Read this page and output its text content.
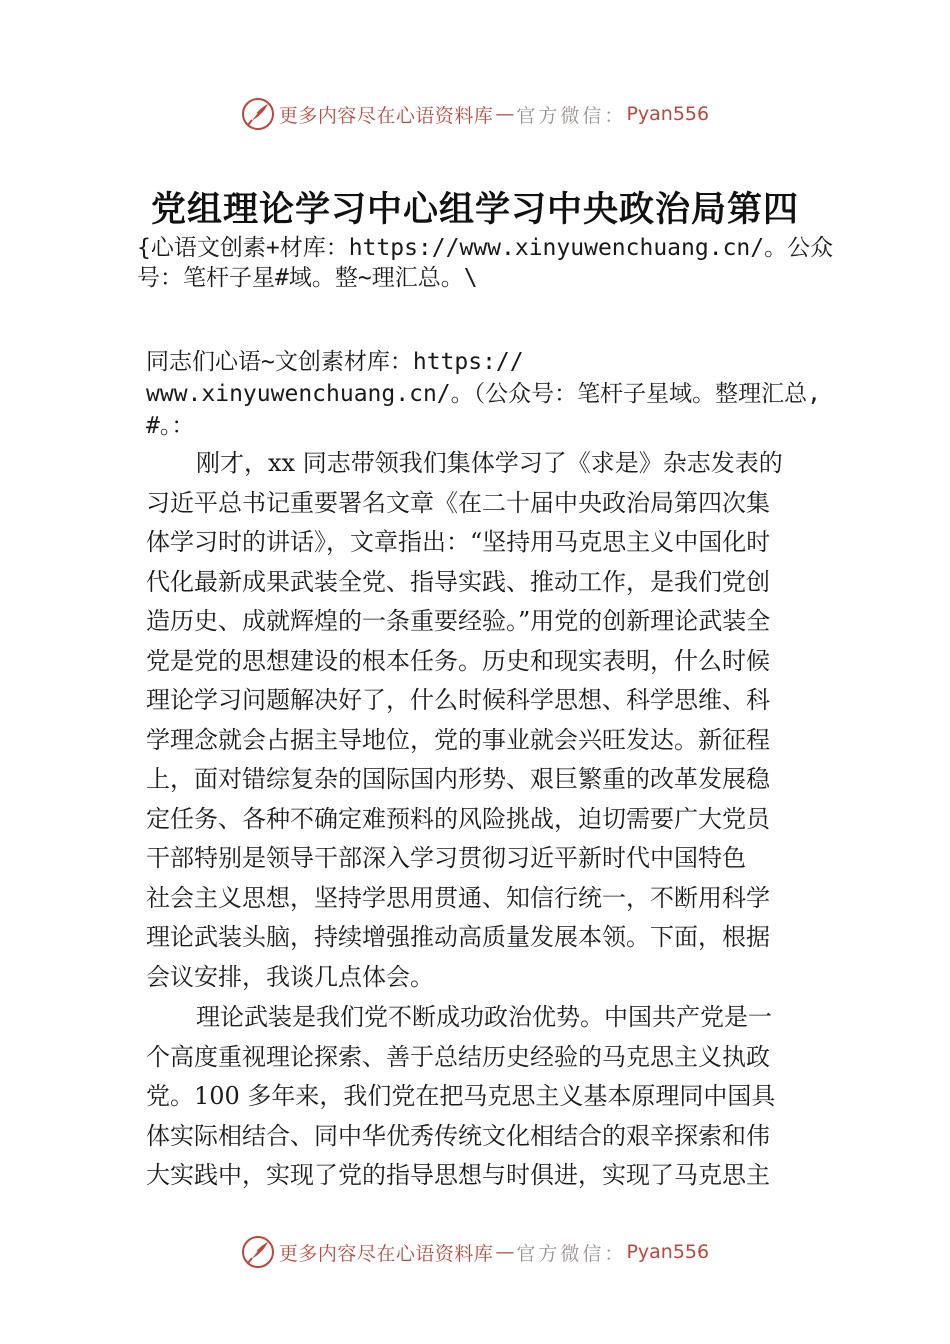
更多内容尽在心语资料库 — 官方微信： Pyan556
党组理论学习中心组学习中央政治局第四
{心语文创素+材库：https://www.xinyuwenchuang.cn/。公众
号：笔杆子星#域。整~理汇总。\
同志们心语~文创素材库：https://
www.xinyuwenchuang.cn/。（公众号：笔杆子星域。整理汇总,
#。：
刚才，xx 同志带领我们集体学习了《求是》杂志发表的
习近平总书记重要署名文章《在二十届中央政治局第四次集
体学习时的讲话》，文章指出：“坚持用马克思主义中国化时
代化最新成果武装全党、指导实践、推动工作，是我们党创
造历史、成就辉煌的一条重要经验。”用党的创新理论武装全
党是党的思想建设的根本任务。历史和现实表明，什么时候
理论学习问题解决好了，什么时候科学思想、科学思维、科
学理念就会占据主导地位，党的事业就会兴旺发达。新征程
上，面对错综复杂的国际国内形势、艰巨繁重的改革发展稳
定任务、各种不确定难预料的风险挑战，迫切需要广大党员
干部特别是领导干部深入学习贯彻习近平新时代中国特色
社会主义思想，坚持学思用贯通、知信行统一，不断用科学
理论武装头脑，持续增强推动高质量发展本领。下面，根据
会议安排，我谈几点体会。
理论武装是我们党不断成功政治优势。中国共产党是一
个高度重视理论探索、善于总结历史经验的马克思主义执政
党。100 多年来，我们党在把马克思主义基本原理同中国具
体实际相结合、同中华优秀传统文化相结合的艰辛探索和伟
大实践中，实现了党的指导思想与时俱进，实现了马克思主
更多内容尽在心语资料库 — 官方微信： Pyan556
